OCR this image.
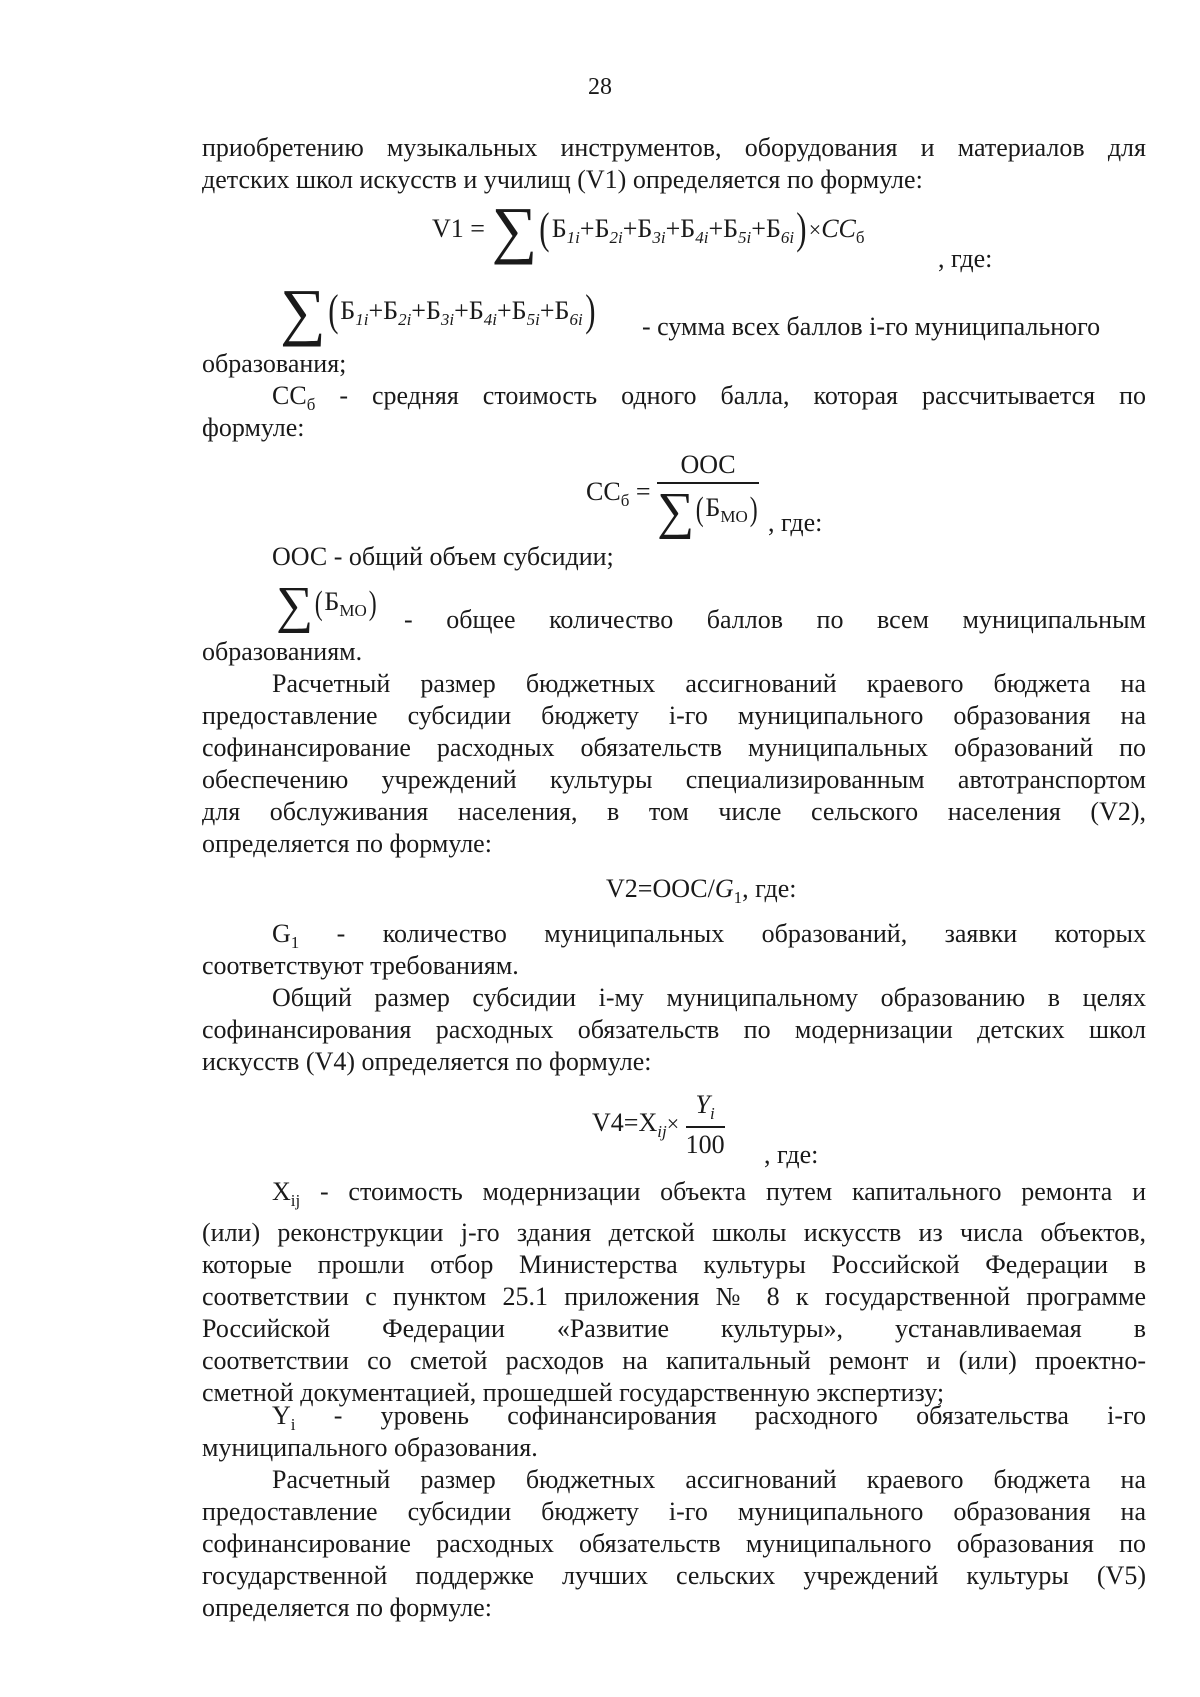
28
приобретению музыкальных инструментов, оборудования и материалов для
детских школ искусств и училищ (V1) определяется по формуле:
$V1 = \sum(Б_{1i}+Б_{2i}+Б_{3i}+Б_{4i}+Б_{5i}+Б_{6i})\times CC_б$
, где:
$\sum(Б_{1i}+Б_{2i}+Б_{3i}+Б_{4i}+Б_{5i}+Б_{6i})$ - сумма всех баллов i-го муниципального
образования;
$CC_б$ - средняя стоимость одного балла, которая рассчитывается по
формуле:
$СС_б = \frac{\text{ООС}}{\sum(Б_{МО})}$ , где:
ООС - общий объем субсидии;
$\sum(Б_{МО})$ - общее количество баллов по всем муниципальным
образованиям.
Расчетный размер бюджетных ассигнований краевого бюджета на
предоставление субсидии бюджету i-го муниципального образования на
софинансирование расходных обязательств муниципальных образований по
обеспечению учреждений культуры специализированным автотранспортом
для обслуживания населения, в том числе сельского населения (V2),
определяется по формуле:
$V2=ООС/G_1$, где:
$G_1$ - количество муниципальных образований, заявки которых
соответствуют требованиям.
Общий размер субсидии i-му муниципальному образованию в целях
софинансирования расходных обязательств по модернизации детских школ
искусств (V4) определяется по формуле:
$V4=X_{ij}\times \frac{Y_i}{100}$ , где:
$X_{ij}$ - стоимость модернизации объекта путем капитального ремонта и
(или) реконструкции j-го здания детской школы искусств из числа объектов,
которые прошли отбор Министерства культуры Российской Федерации в
соответствии с пунктом 25.1 приложения № 8 к государственной программе
Российской Федерации «Развитие культуры», устанавливаемая в
соответствии со сметой расходов на капитальный ремонт и (или) проектно-
сметной документацией, прошедшей государственную экспертизу;
$Y_i$ - уровень софинансирования расходного обязательства i-го
муниципального образования.
Расчетный размер бюджетных ассигнований краевого бюджета на
предоставление субсидии бюджету i-го муниципального образования на
софинансирование расходных обязательств муниципального образования по
государственной поддержке лучших сельских учреждений культуры (V5)
определяется по формуле:
